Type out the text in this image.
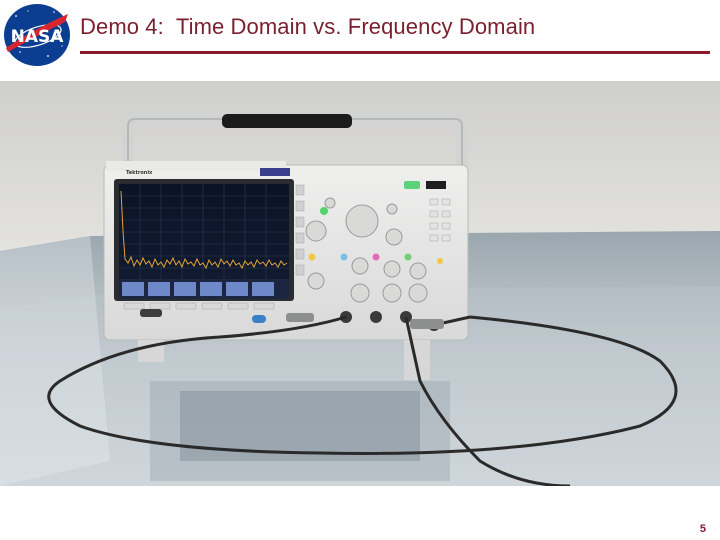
NASA Demo 4:  Time Domain vs. Frequency Domain
Tektronix
5
